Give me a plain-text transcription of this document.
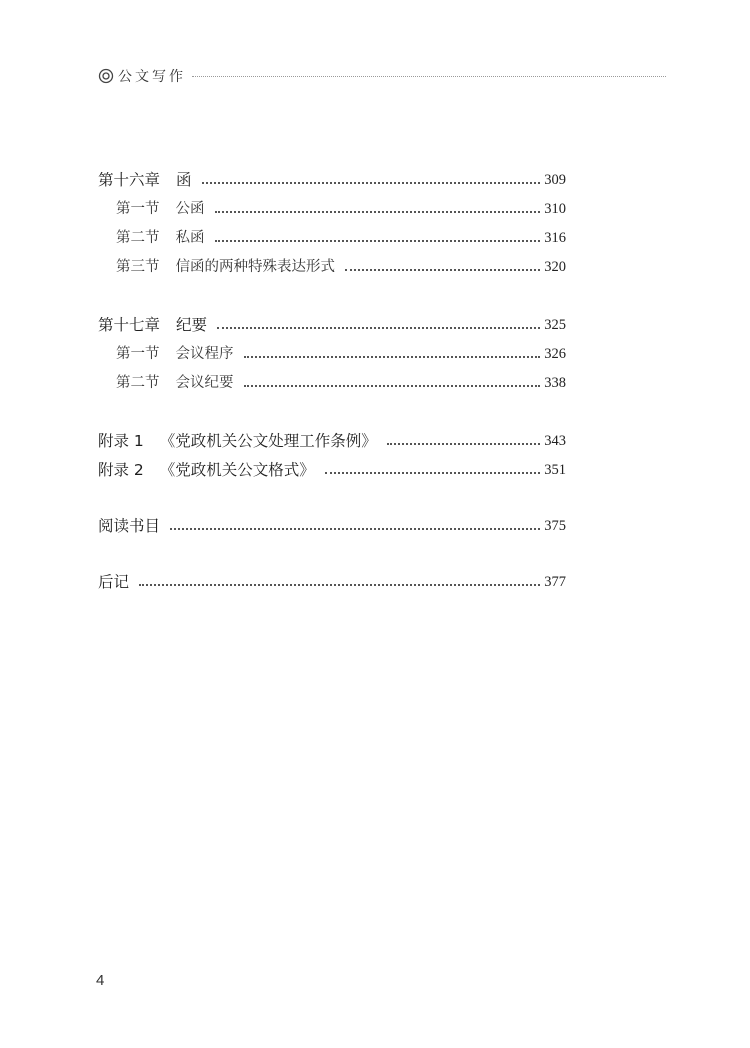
公文写作
第十六章 函	309
第一节 公函	310
第二节 私函	316
第三节 信函的两种特殊表达形式	320
第十七章 纪要	325
第一节 会议程序	326
第二节 会议纪要	338
附录 1 《党政机关公文处理工作条例》	343
附录 2 《党政机关公文格式》	351
阅读书目	375
后记	377
4
